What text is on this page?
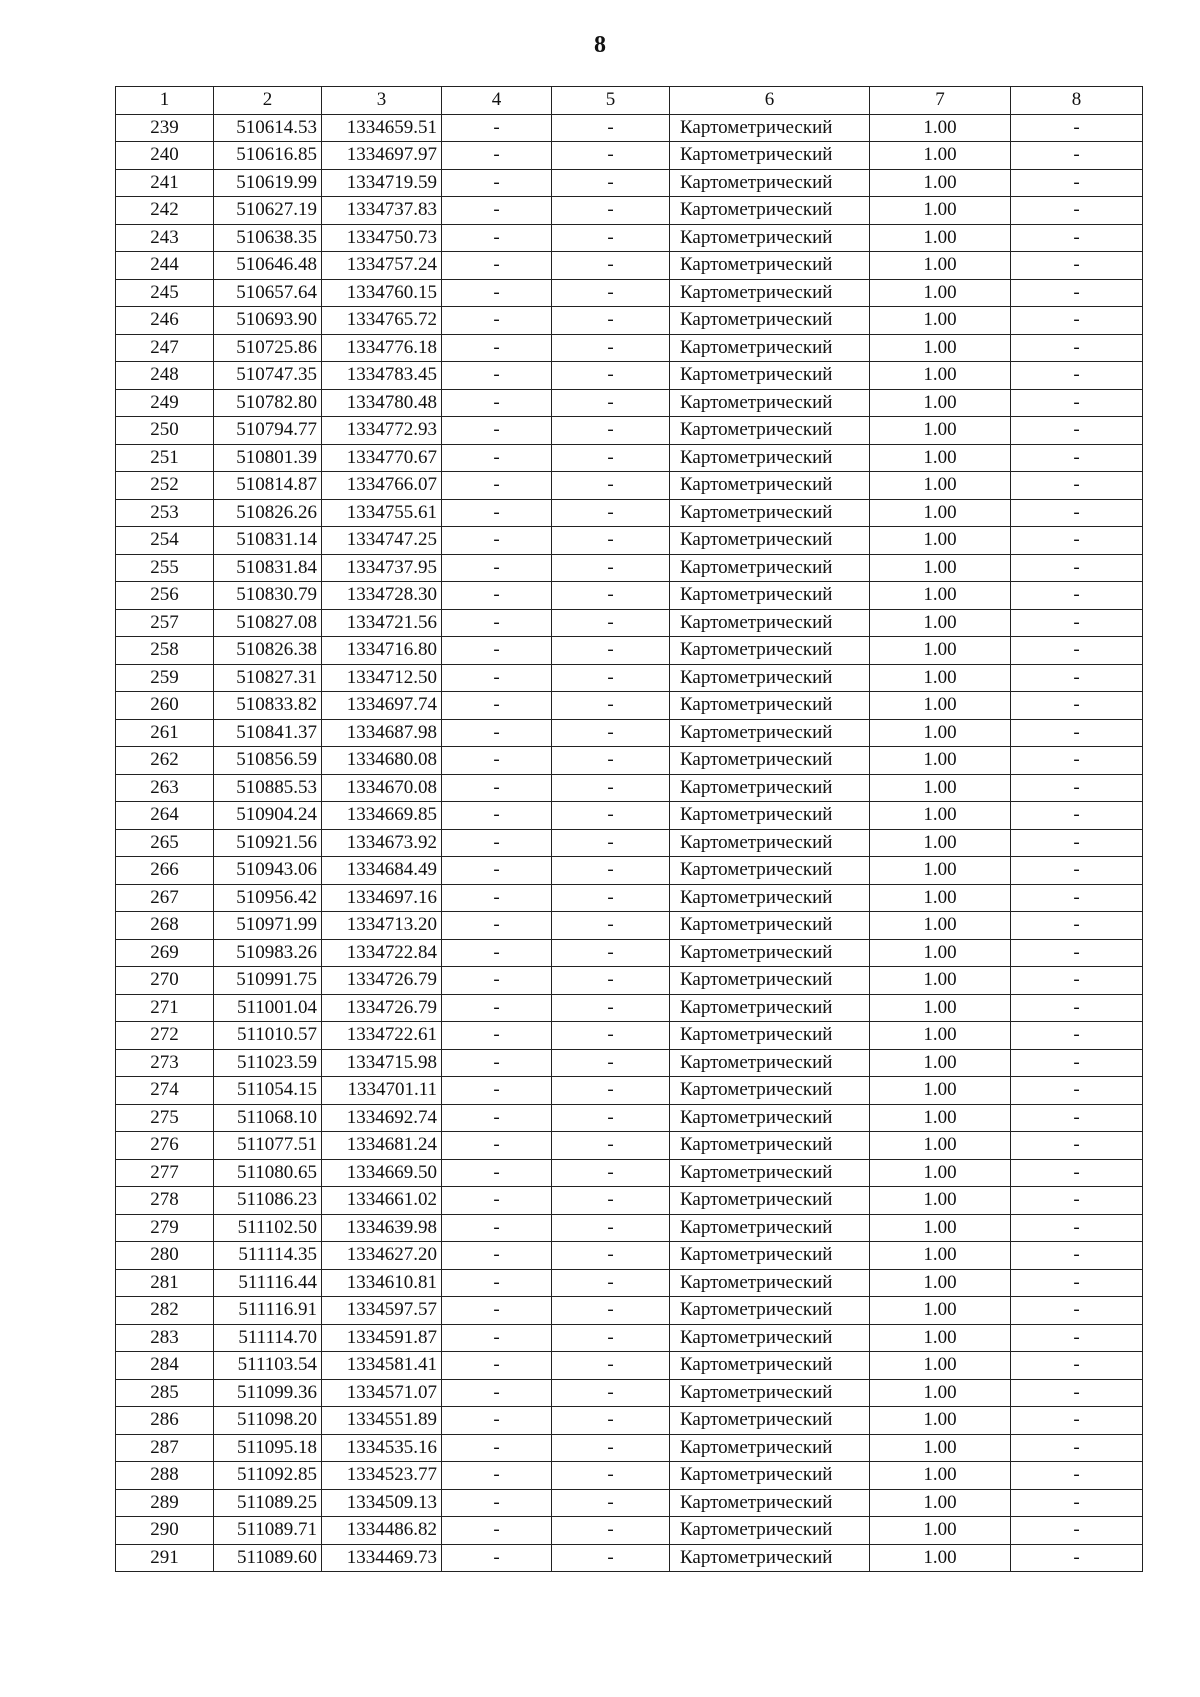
8
1	2	3	4	5	6	7	8
239	510614.53	1334659.51	-	-	Картометрический	1.00	-
240	510616.85	1334697.97	-	-	Картометрический	1.00	-
241	510619.99	1334719.59	-	-	Картометрический	1.00	-
242	510627.19	1334737.83	-	-	Картометрический	1.00	-
243	510638.35	1334750.73	-	-	Картометрический	1.00	-
244	510646.48	1334757.24	-	-	Картометрический	1.00	-
245	510657.64	1334760.15	-	-	Картометрический	1.00	-
246	510693.90	1334765.72	-	-	Картометрический	1.00	-
247	510725.86	1334776.18	-	-	Картометрический	1.00	-
248	510747.35	1334783.45	-	-	Картометрический	1.00	-
249	510782.80	1334780.48	-	-	Картометрический	1.00	-
250	510794.77	1334772.93	-	-	Картометрический	1.00	-
251	510801.39	1334770.67	-	-	Картометрический	1.00	-
252	510814.87	1334766.07	-	-	Картометрический	1.00	-
253	510826.26	1334755.61	-	-	Картометрический	1.00	-
254	510831.14	1334747.25	-	-	Картометрический	1.00	-
255	510831.84	1334737.95	-	-	Картометрический	1.00	-
256	510830.79	1334728.30	-	-	Картометрический	1.00	-
257	510827.08	1334721.56	-	-	Картометрический	1.00	-
258	510826.38	1334716.80	-	-	Картометрический	1.00	-
259	510827.31	1334712.50	-	-	Картометрический	1.00	-
260	510833.82	1334697.74	-	-	Картометрический	1.00	-
261	510841.37	1334687.98	-	-	Картометрический	1.00	-
262	510856.59	1334680.08	-	-	Картометрический	1.00	-
263	510885.53	1334670.08	-	-	Картометрический	1.00	-
264	510904.24	1334669.85	-	-	Картометрический	1.00	-
265	510921.56	1334673.92	-	-	Картометрический	1.00	-
266	510943.06	1334684.49	-	-	Картометрический	1.00	-
267	510956.42	1334697.16	-	-	Картометрический	1.00	-
268	510971.99	1334713.20	-	-	Картометрический	1.00	-
269	510983.26	1334722.84	-	-	Картометрический	1.00	-
270	510991.75	1334726.79	-	-	Картометрический	1.00	-
271	511001.04	1334726.79	-	-	Картометрический	1.00	-
272	511010.57	1334722.61	-	-	Картометрический	1.00	-
273	511023.59	1334715.98	-	-	Картометрический	1.00	-
274	511054.15	1334701.11	-	-	Картометрический	1.00	-
275	511068.10	1334692.74	-	-	Картометрический	1.00	-
276	511077.51	1334681.24	-	-	Картометрический	1.00	-
277	511080.65	1334669.50	-	-	Картометрический	1.00	-
278	511086.23	1334661.02	-	-	Картометрический	1.00	-
279	511102.50	1334639.98	-	-	Картометрический	1.00	-
280	511114.35	1334627.20	-	-	Картометрический	1.00	-
281	511116.44	1334610.81	-	-	Картометрический	1.00	-
282	511116.91	1334597.57	-	-	Картометрический	1.00	-
283	511114.70	1334591.87	-	-	Картометрический	1.00	-
284	511103.54	1334581.41	-	-	Картометрический	1.00	-
285	511099.36	1334571.07	-	-	Картометрический	1.00	-
286	511098.20	1334551.89	-	-	Картометрический	1.00	-
287	511095.18	1334535.16	-	-	Картометрический	1.00	-
288	511092.85	1334523.77	-	-	Картометрический	1.00	-
289	511089.25	1334509.13	-	-	Картометрический	1.00	-
290	511089.71	1334486.82	-	-	Картометрический	1.00	-
291	511089.60	1334469.73	-	-	Картометрический	1.00	-
